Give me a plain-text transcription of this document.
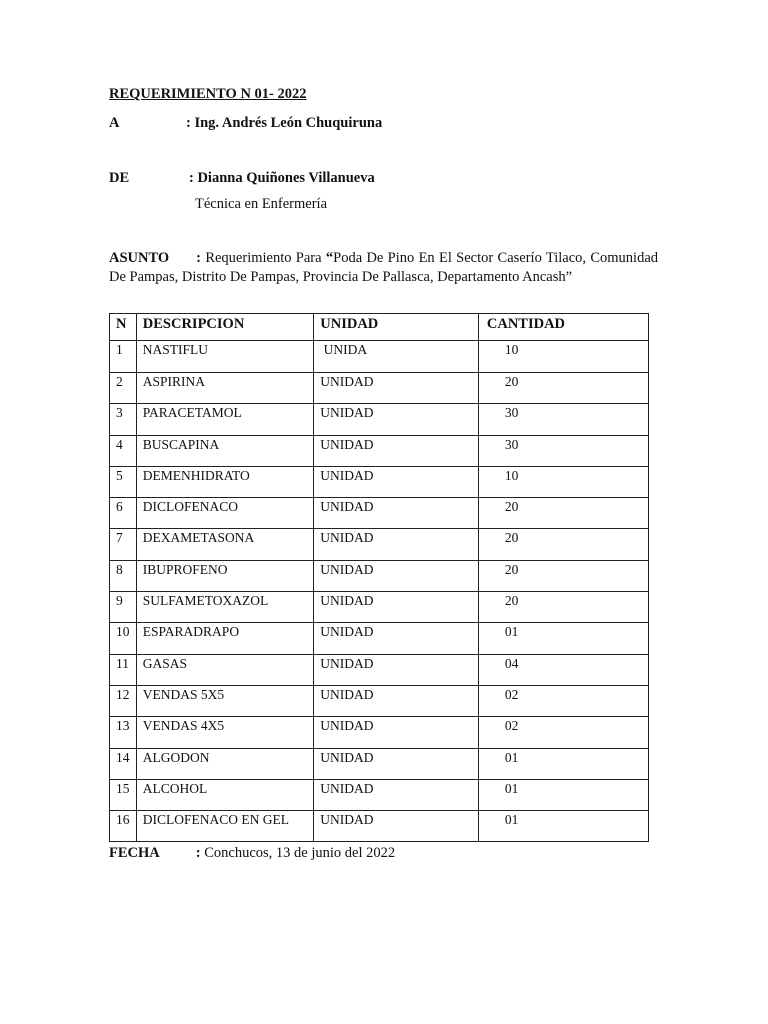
REQUERIMIENTO N 01- 2022
A	: Ing. Andrés León Chuquiruna
DE	: Dianna Quiñones Villanueva
Técnica en Enfermería
ASUNTO : Requerimiento Para “Poda De Pino En El Sector Caserío Tilaco, Comunidad De Pampas, Distrito De Pampas, Provincia De Pallasca, Departamento Ancash”
N	DESCRIPCION	UNIDAD	CANTIDAD
1	NASTIFLU	UNIDA	10
2	ASPIRINA	UNIDAD	20
3	PARACETAMOL	UNIDAD	30
4	BUSCAPINA	UNIDAD	30
5	DEMENHIDRATO	UNIDAD	10
6	DICLOFENACO	UNIDAD	20
7	DEXAMETASONA	UNIDAD	20
8	IBUPROFENO	UNIDAD	20
9	SULFAMETOXAZOL	UNIDAD	20
10	ESPARADRAPO	UNIDAD	01
11	GASAS	UNIDAD	04
12	VENDAS 5X5	UNIDAD	02
13	VENDAS 4X5	UNIDAD	02
14	ALGODON	UNIDAD	01
15	ALCOHOL	UNIDAD	01
16	DICLOFENACO EN GEL	UNIDAD	01
FECHA : Conchucos, 13 de junio del 2022
